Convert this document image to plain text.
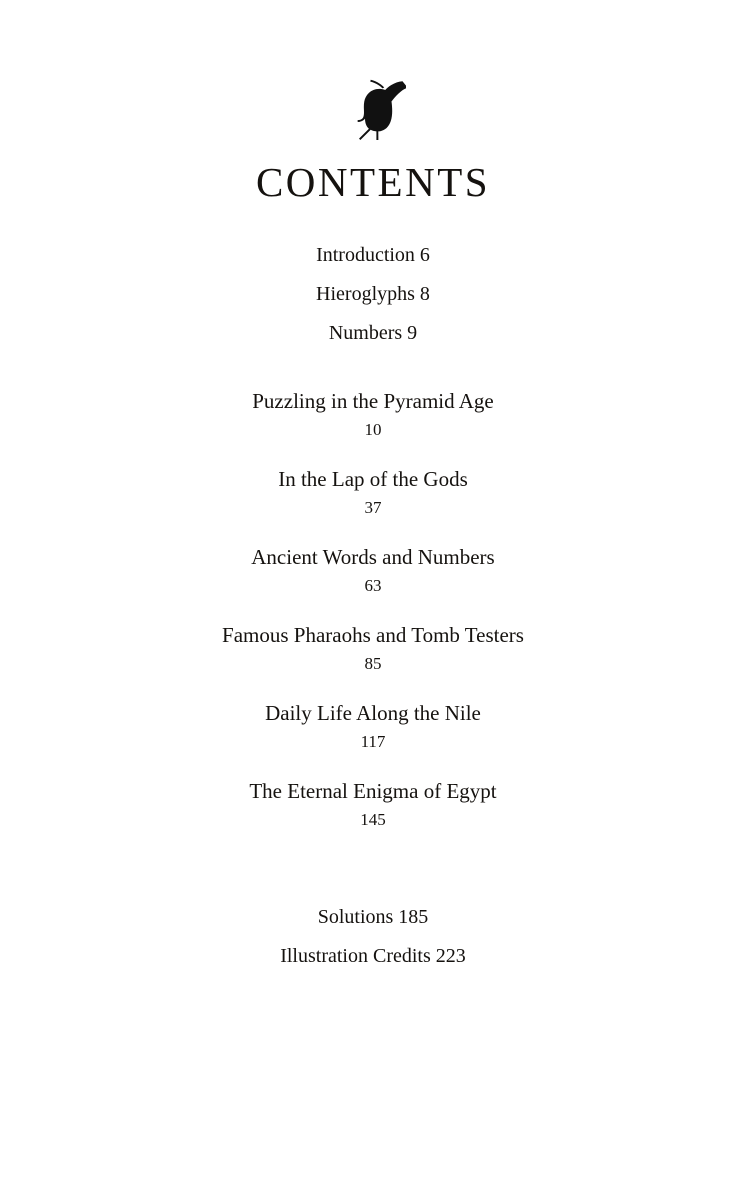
CONTENTS
Introduction 6
Hieroglyphs 8
Numbers 9
Puzzling in the Pyramid Age
10
In the Lap of the Gods
37
Ancient Words and Numbers
63
Famous Pharaohs and Tomb Testers
85
Daily Life Along the Nile
117
The Eternal Enigma of Egypt
145
Solutions 185
Illustration Credits 223
